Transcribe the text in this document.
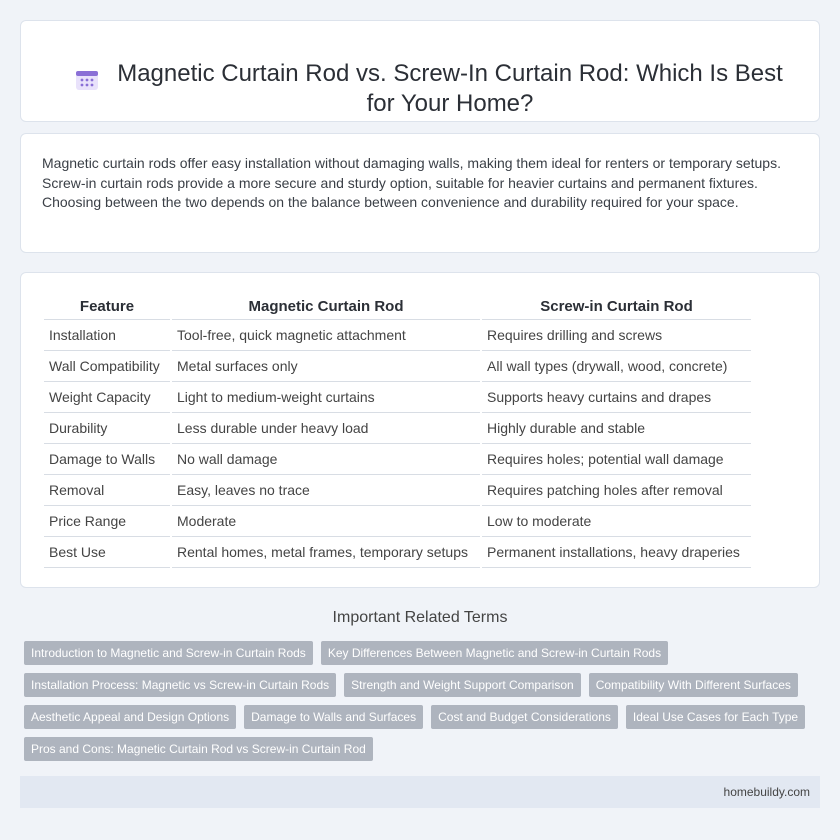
Magnetic Curtain Rod vs. Screw-In Curtain Rod: Which Is Best for Your Home?

Magnetic curtain rods offer easy installation without damaging walls, making them ideal for renters or temporary setups. Screw-in curtain rods provide a more secure and sturdy option, suitable for heavier curtains and permanent fixtures. Choosing between the two depends on the balance between convenience and durability required for your space.

Feature	Magnetic Curtain Rod	Screw-in Curtain Rod
Installation	Tool-free, quick magnetic attachment	Requires drilling and screws
Wall Compatibility	Metal surfaces only	All wall types (drywall, wood, concrete)
Weight Capacity	Light to medium-weight curtains	Supports heavy curtains and drapes
Durability	Less durable under heavy load	Highly durable and stable
Damage to Walls	No wall damage	Requires holes; potential wall damage
Removal	Easy, leaves no trace	Requires patching holes after removal
Price Range	Moderate	Low to moderate
Best Use	Rental homes, metal frames, temporary setups	Permanent installations, heavy draperies
Important Related Terms
Introduction to Magnetic and Screw-in Curtain Rods	Key Differences Between Magnetic and Screw-in Curtain Rods
Installation Process: Magnetic vs Screw-in Curtain Rods	Strength and Weight Support Comparison	Compatibility With Different Surfaces
Aesthetic Appeal and Design Options	Damage to Walls and Surfaces	Cost and Budget Considerations	Ideal Use Cases for Each Type
Pros and Cons: Magnetic Curtain Rod vs Screw-in Curtain Rod
homebuildy.com
